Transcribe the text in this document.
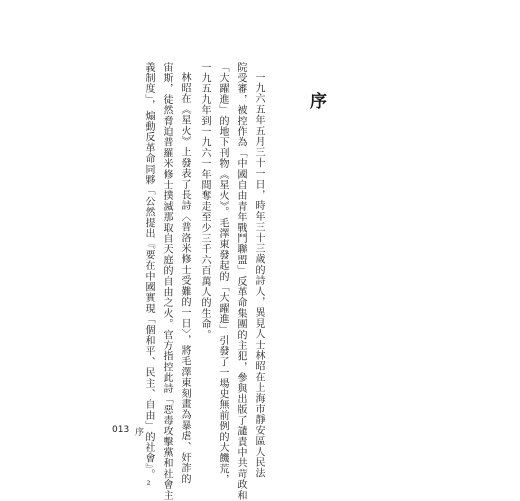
序
一九六五年五月三十一日，時年三十三歲的詩人，異見人士林昭在上海市靜安區人民法
院受審，被控作為「中國自由青年戰鬥聯盟」反革命集團的主犯，參與出版了譴責中共苛政和
「大躍進」的地下刊物《星火》。毛澤東發起的「大躍進」引發了一場史無前例的大饑荒，
一九五九年到一九六一年間奪走至少三千六百萬人的生命。
林昭在《星火》上發表了長詩〈普洛米修士受難的一日〉，將毛澤東刻畫為暴虐、奸詐的
宙斯，徒然脅迫普羅米修士撲滅那取自天庭的自由之火。官方指控此詩「惡毒攻擊黨和社會主
義制度」，煽動反革命同夥「公然提出『要在中國實現「個和平、民主、自由」的社會』。²
013 序
